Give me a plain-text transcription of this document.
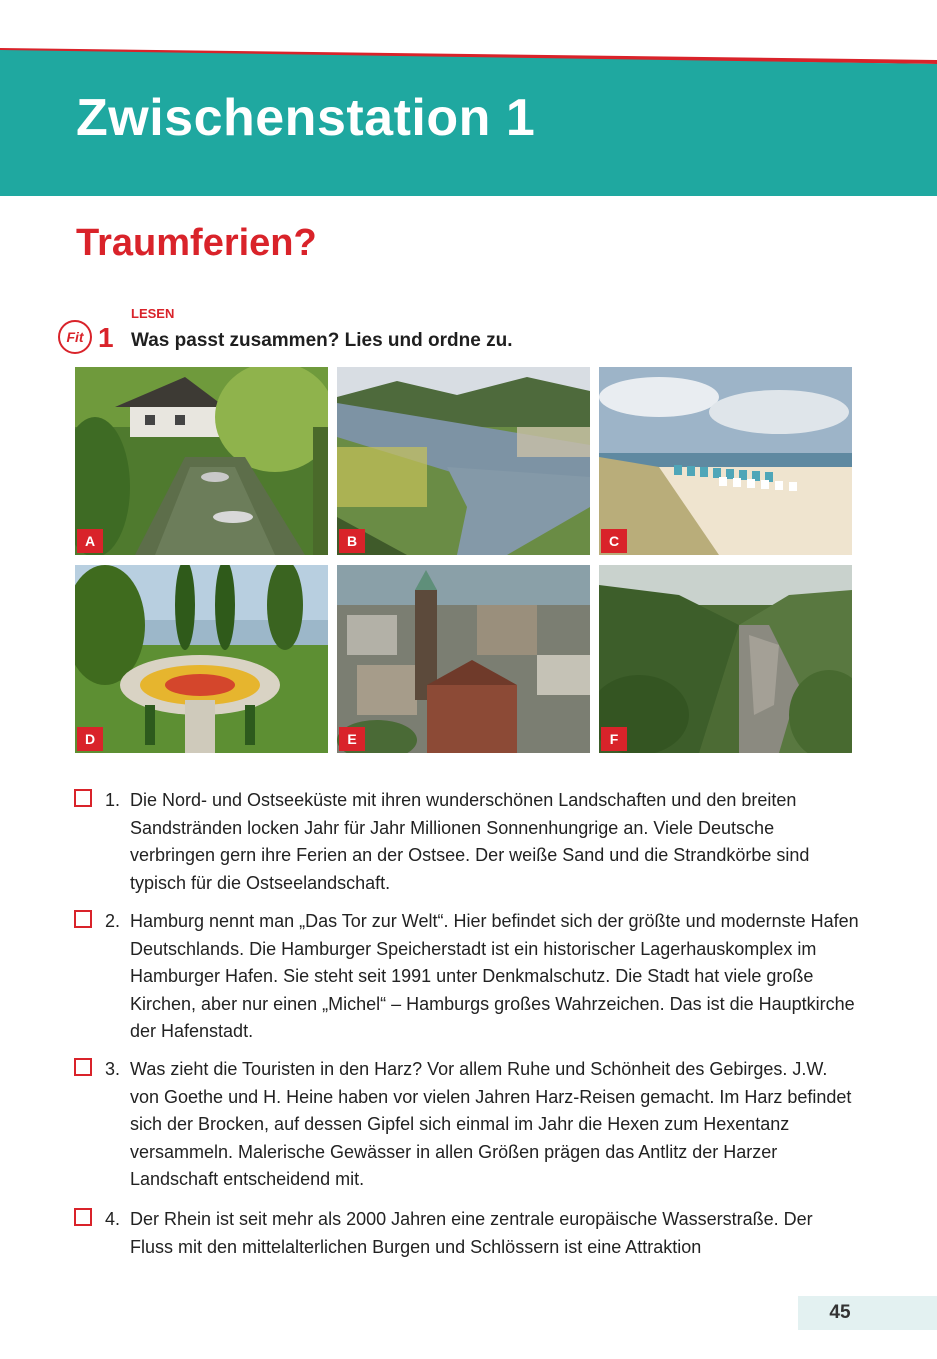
Zwischenstation 1
Traumferien?
Fit 1
LESEN
Was passt zusammen? Lies und ordne zu.
A	B	C
D	E	F
1. Die Nord- und Ostseeküste mit ihren wunderschönen Landschaften und den breiten Sandstränden locken Jahr für Jahr Millionen Sonnenhungrige an. Viele Deutsche verbringen gern ihre Ferien an der Ostsee. Der weiße Sand und die Strandkörbe sind typisch für die Ostseelandschaft.
2. Hamburg nennt man „Das Tor zur Welt“. Hier befindet sich der größte und modernste Hafen Deutschlands. Die Hamburger Speicherstadt ist ein historischer Lagerhauskomplex im Hamburger Hafen. Sie steht seit 1991 unter Denkmalschutz. Die Stadt hat viele große Kirchen, aber nur einen „Michel“ – Hamburgs großes Wahrzeichen. Das ist die Hauptkirche der Hafenstadt.
3. Was zieht die Touristen in den Harz? Vor allem Ruhe und Schönheit des Gebirges. J.W. von Goethe und H. Heine haben vor vielen Jahren Harz-Reisen gemacht. Im Harz befindet sich der Brocken, auf dessen Gipfel sich einmal im Jahr die Hexen zum Hexentanz versammeln. Malerische Gewässer in allen Größen prägen das Antlitz der Harzer Landschaft entscheidend mit.
4. Der Rhein ist seit mehr als 2000 Jahren eine zentrale europäische Wasserstraße. Der Fluss mit den mittelalterlichen Burgen und Schlössern ist eine Attraktion
45
